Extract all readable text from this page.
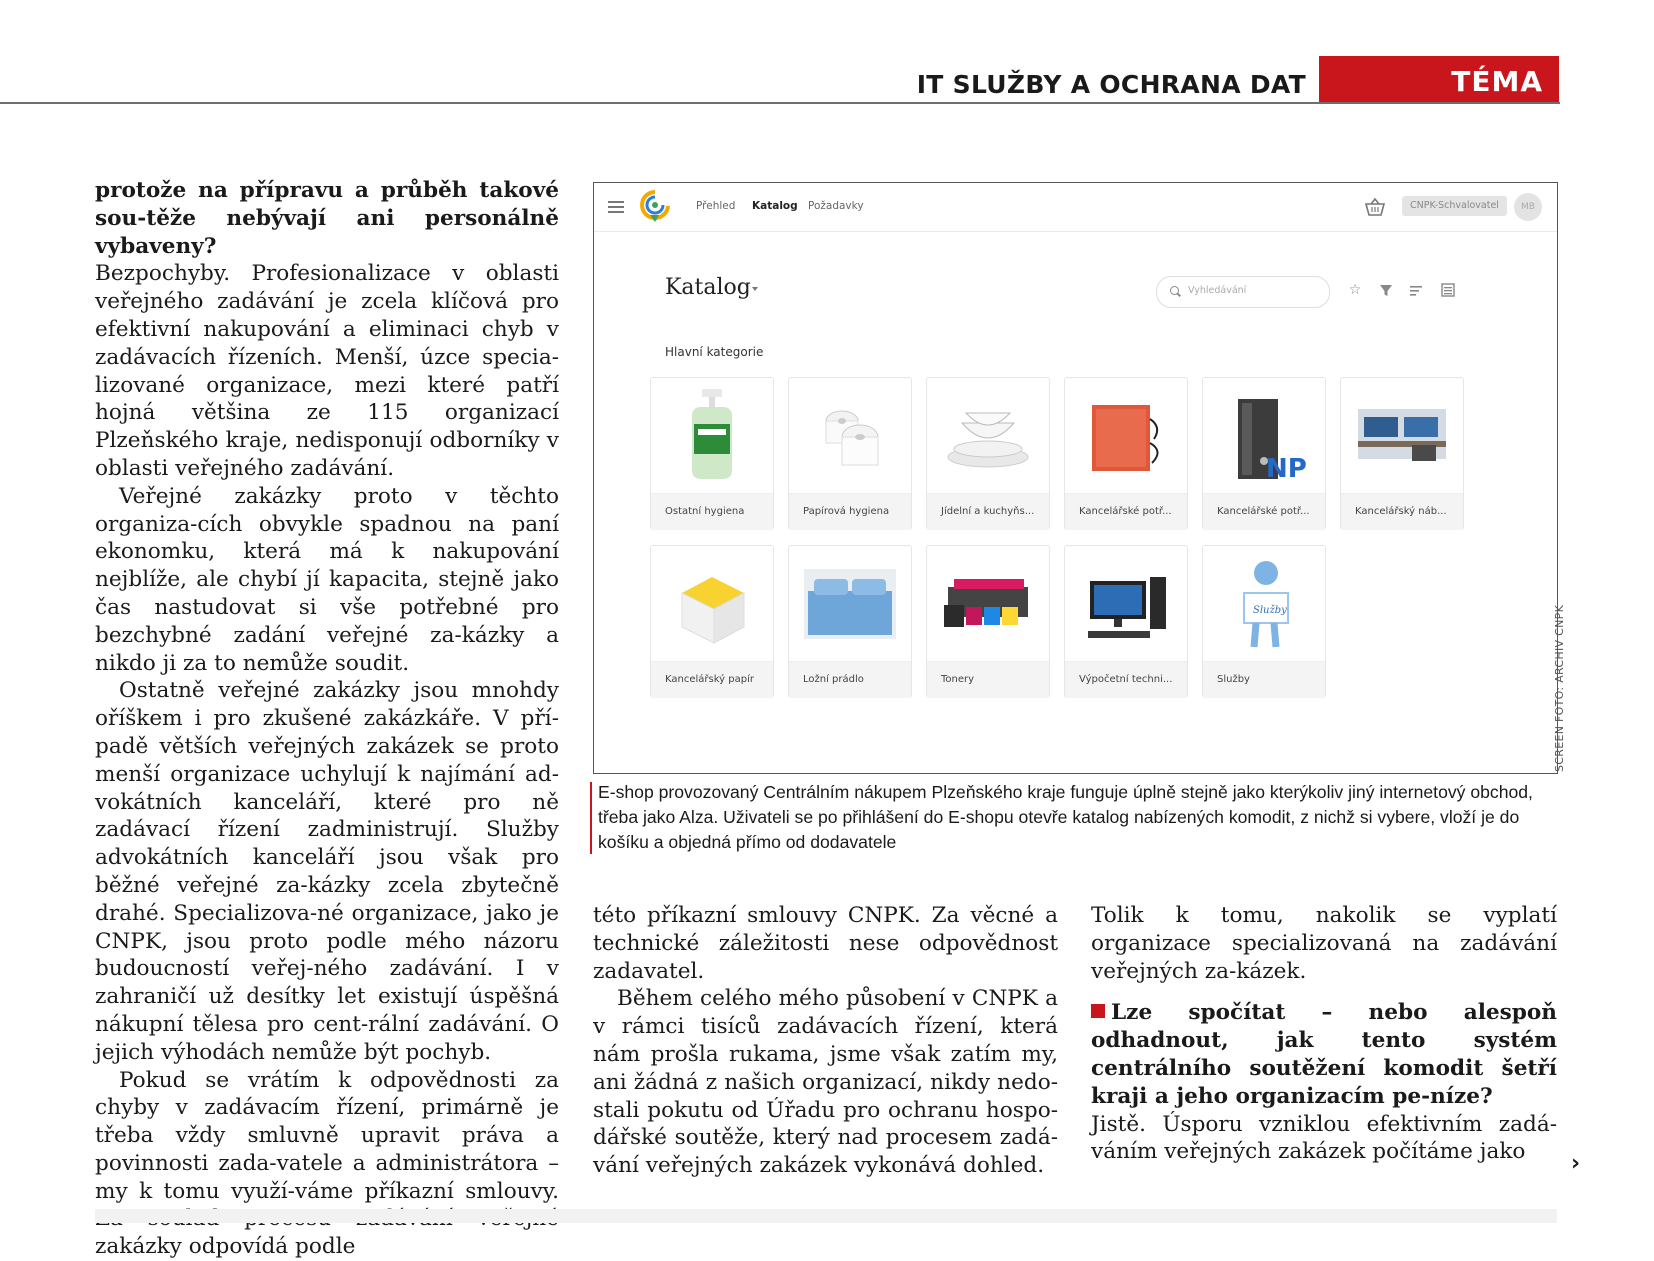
IT SLUŽBY A OCHRANA DAT	TÉMA

protože na přípravu a průběh takové sou-těže nebývají ani personálně vybaveny?

Bezpochyby. Profesionalizace v oblasti veřejného zadávání je zcela klíčová pro efektivní nakupování a eliminaci chyb v zadávacích řízeních. Menší, úzce specia-lizované organizace, mezi které patří hojná většina ze 115 organizací Plzeňského kraje, nedisponují odborníky v oblasti veřejného zadávání.

Veřejné zakázky proto v těchto organiza-cích obvykle spadnou na paní ekonomku, která má k nakupování nejblíže, ale chybí jí kapacita, stejně jako čas nastudovat si vše potřebné pro bezchybné zadání veřejné za-kázky a nikdo ji za to nemůže soudit.

Ostatně veřejné zakázky jsou mnohdy oříškem i pro zkušené zakázkáře. V pří-padě větších veřejných zakázek se proto menší organizace uchylují k najímání ad-vokátních kanceláří, které pro ně zadávací řízení zadministrují. Služby advokátních kanceláří jsou však pro běžné veřejné za-kázky zcela zbytečně drahé. Specializova-né organizace, jako je CNPK, jsou proto podle mého názoru budoucností veřej-ného zadávání. I v zahraničí už desítky let existují úspěšná nákupní tělesa pro cent-rální zadávání. O jejich výhodách nemůže být pochyb.

Pokud se vrátím k odpovědnosti za chyby v zadávacím řízení, primárně je třeba vždy smluvně upravit práva a povinnosti zada-vatele a administrátora – my k tomu využí-váme příkazní smlouvy. zakázky odpovídá podle

Přehled Katalog Požadavky	CNPK-Schvalovatel	MB
Katalog	Vyhledávání	☆
Hlavní kategorie
Ostatní hygiena	Papírová hygiena	Jídelní a kuchyňs...	Kancelářské potř...
NP
Kancelářské potř...	Kancelářský náb...
Kancelářský papír	Ložní prádlo	Tonery	Výpočetní techni...
Služby
Služby	SCREEN FOTO: ARCHIV CNPK
E-shop provozovaný Centrálním nákupem Plzeňského kraje funguje úplně stejně jako kterýkoliv jiný internetový obchod, třeba jako Alza. Uživateli se po přihlášení do E-shopu otevře katalog nabízených komodit, z nichž si vybere, vloží je do košíku a objedná přímo od dodavatele

této příkazní smlouvy CNPK. Za věcné a technické záležitosti nese odpovědnost zadavatel.

Během celého mého působení v CNPK a v rámci tisíců zadávacích řízení, která nám prošla rukama, jsme však zatím my, ani žádná z našich organizací, nikdy nedo-stali pokutu od Úřadu pro ochranu hospo-dářské soutěže, který nad procesem zadá-vání veřejných zakázek vykonává dohled.

Tolik k tomu, nakolik se vyplatí organizace specializovaná na zadávání veřejných za-kázek.

Lze spočítat – nebo alespoň odhadnout, jak tento systém centrálního soutěžení komodit šetří kraji a jeho organizacím pe-níze?

Jistě. Úsporu vzniklou efektivním zadá-váním veřejných zakázek počítáme jako	›
